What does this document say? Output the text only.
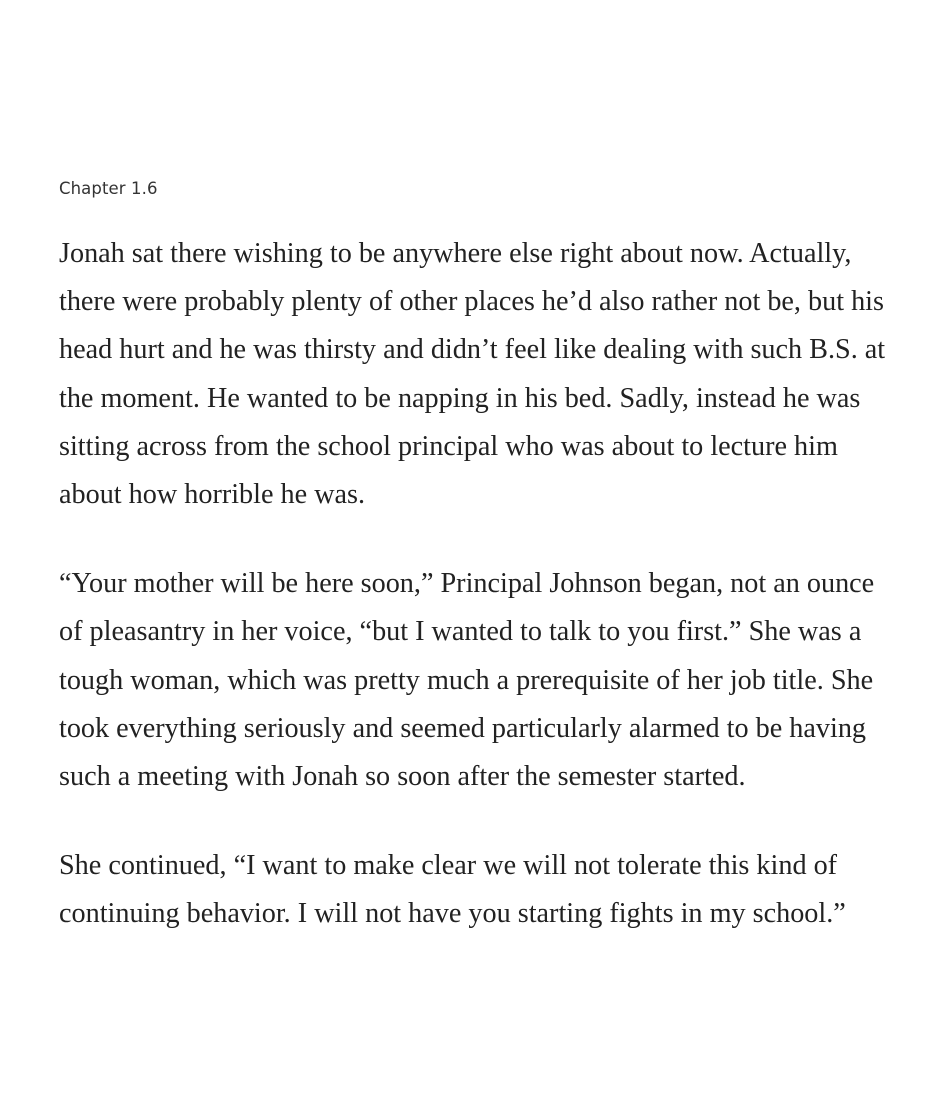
Chapter 1.6

Jonah sat there wishing to be anywhere else right about now. Actually, there were probably plenty of other places he’d also rather not be, but his head hurt and he was thirsty and didn’t feel like dealing with such B.S. at the moment. He wanted to be napping in his bed. Sadly, instead he was sitting across from the school principal who was about to lecture him about how horrible he was.

“Your mother will be here soon,” Principal Johnson began, not an ounce of pleasantry in her voice, “but I wanted to talk to you first.” She was a tough woman, which was pretty much a prerequisite of her job title. She took everything seriously and seemed particularly alarmed to be having such a meeting with Jonah so soon after the semester started.

She continued, “I want to make clear we will not tolerate this kind of continuing behavior. I will not have you starting fights in my school.”
